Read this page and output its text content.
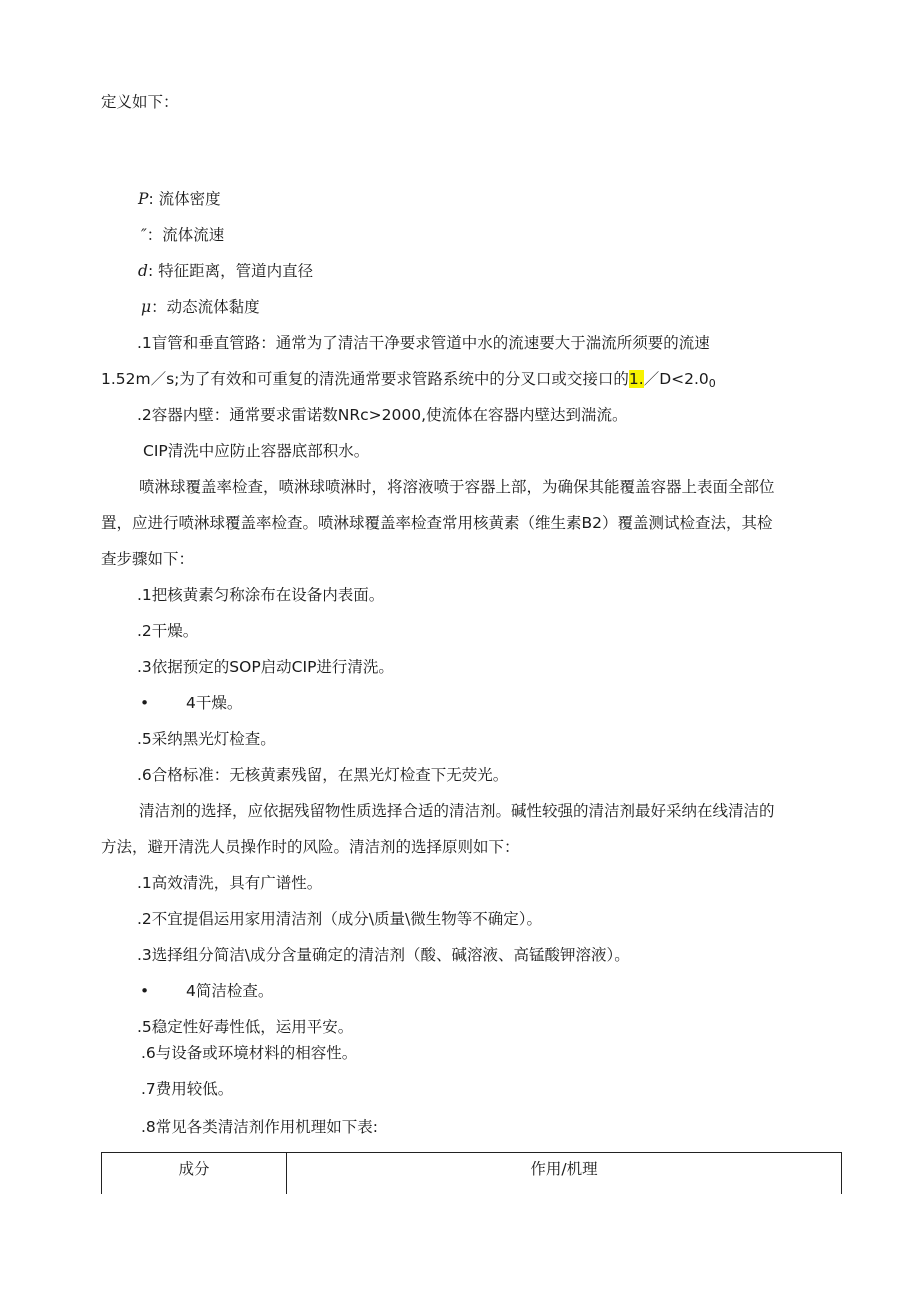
定义如下：

P: 流体密度

″：流体流速

d: 特征距离，管道内直径

μ：动态流体黏度

.1盲管和垂直管路：通常为了清洁干净要求管道中水的流速要大于湍流所须要的流速

1.52m／s;为了有效和可重复的清洗通常要求管路系统中的分叉口或交接口的$1./D<2.0_0$

.2容器内壁：通常要求雷诺数NRc>2000,使流体在容器内壁达到湍流。

CIP清洗中应防止容器底部积水。

喷淋球覆盖率检查，喷淋球喷淋时，将溶液喷于容器上部，为确保其能覆盖容器上表面全部位
置，应进行喷淋球覆盖率检查。喷淋球覆盖率检查常用核黄素（维生素B2）覆盖测试检查法，其检

查步骤如下：

.1把核黄素匀称涂布在设备内表面。

.2干燥。

.3依据预定的SOP启动CIP进行清洗。

• 4干燥。

.5采纳黑光灯检查。

.6合格标准：无核黄素残留，在黑光灯检查下无荧光。

清洁剂的选择，应依据残留物性质选择合适的清洁剂。碱性较强的清洁剂最好采纳在线清洁的

方法，避开清洗人员操作时的风险。清洁剂的选择原则如下：

.1高效清洗，具有广谱性。

.2不宜提倡运用家用清洁剂（成分\质量\微生物等不确定）。

.3选择组分简洁\成分含量确定的清洁剂（酸、碱溶液、高锰酸钾溶液）。

• 4简洁检查。

.5稳定性好毒性低，运用平安。

.6与设备或环境材料的相容性。

.7费用较低。

.8常见各类清洁剂作用机理如下表:

成分	作用/机理
